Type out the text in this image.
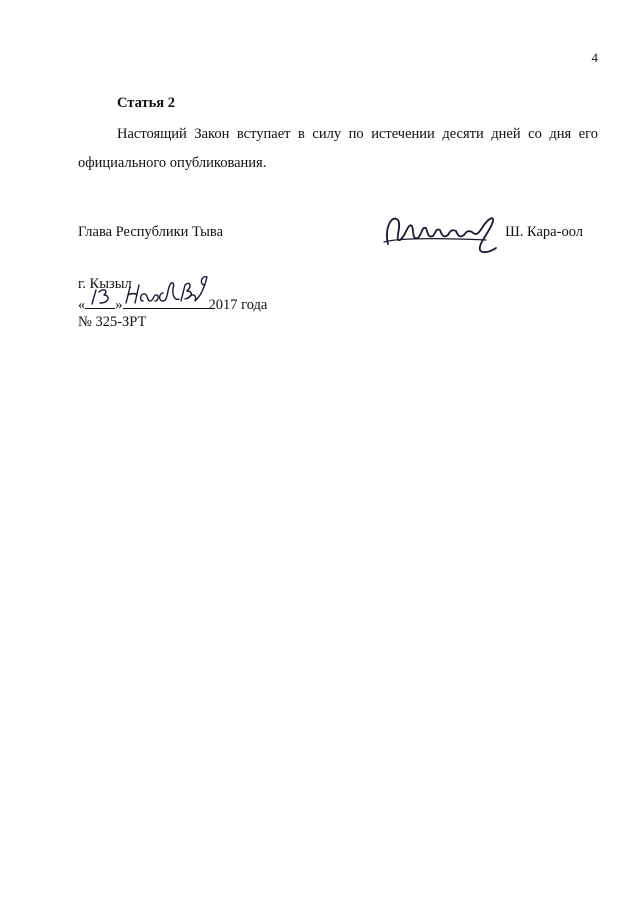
4
Статья 2

Настоящий Закон вступает в силу по истечении десяти дней со дня его официального опубликования.

Глава Республики Тыва	Ш. Кара-оол
г. Кызыл
« »	2017 года
№ 325-ЗРТ
